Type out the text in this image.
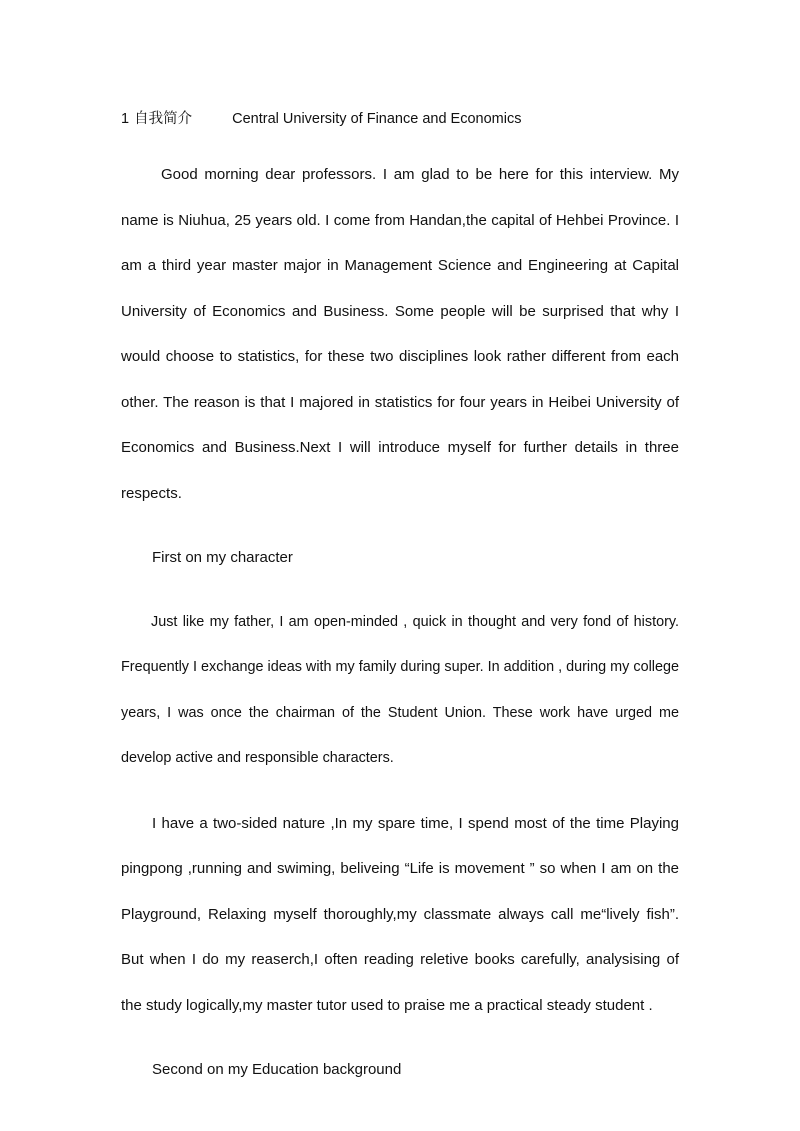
1 自我简介	Central University of Finance and Economics

Good morning dear professors. I am glad to be here for this interview. My name is Niuhua, 25 years old. I come from Handan,the capital of Hehbei Province. I am a third year master major in Management Science and Engineering at Capital University of Economics and Business. Some people will be surprised that why I would choose to statistics, for these two disciplines look rather different from each other. The reason is that I majored in statistics for four years in Heibei University of Economics and Business.Next I will introduce myself for further details in three respects.

First on my character

Just like my father, I am open-minded , quick in thought and very fond of history. Frequently I exchange ideas with my family during super. In addition , during my college years, I was once the chairman of the Student Union. These work have urged me develop active and responsible characters.

I have a two-sided nature ,In my spare time, I spend most of the time Playing pingpong ,running and swiming, beliveing “Life is movement ” so when I am on the Playground, Relaxing myself thoroughly,my classmate always call me“lively fish”. But when I do my reaserch,I often reading reletive books carefully, analysising of the study logically,my master tutor used to praise me a practical steady student .

Second on my Education background
